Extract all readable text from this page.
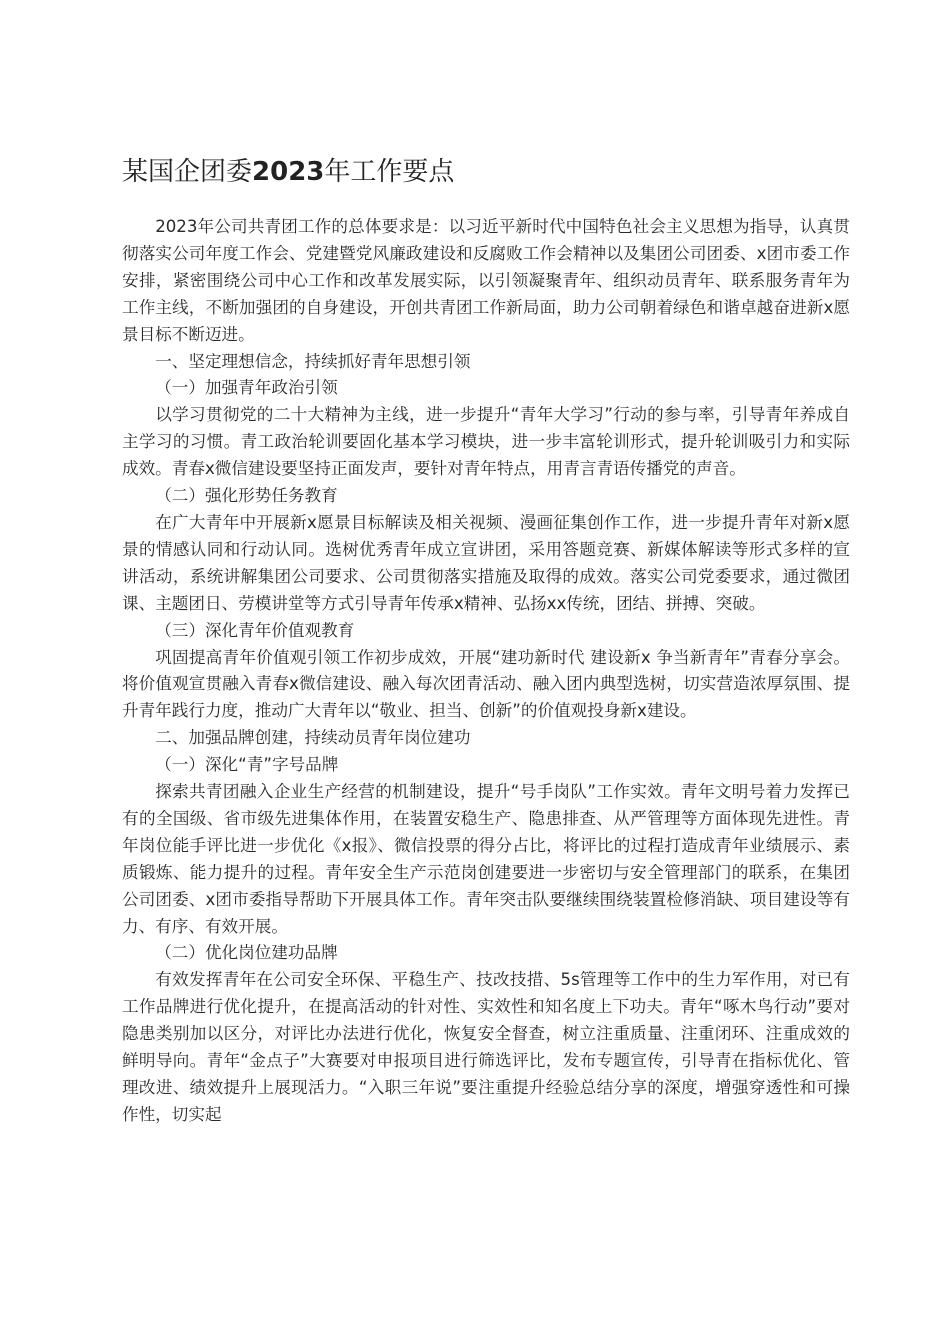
某国企团委2023年工作要点

2023年公司共青团工作的总体要求是：以习近平新时代中国特色社会主义思想为指导，认真贯彻落实公司年度工作会、党建暨党风廉政建设和反腐败工作会精神以及集团公司团委、x团市委工作安排，紧密围绕公司中心工作和改革发展实际，以引领凝聚青年、组织动员青年、联系服务青年为工作主线，不断加强团的自身建设，开创共青团工作新局面，助力公司朝着绿色和谐卓越奋进新x愿景目标不断迈进。

一、坚定理想信念，持续抓好青年思想引领

（一）加强青年政治引领

以学习贯彻党的二十大精神为主线，进一步提升“青年大学习”行动的参与率，引导青年养成自主学习的习惯。青工政治轮训要固化基本学习模块，进一步丰富轮训形式，提升轮训吸引力和实际成效。青春x微信建设要坚持正面发声，要针对青年特点，用青言青语传播党的声音。

（二）强化形势任务教育

在广大青年中开展新x愿景目标解读及相关视频、漫画征集创作工作，进一步提升青年对新x愿景的情感认同和行动认同。选树优秀青年成立宣讲团，采用答题竞赛、新媒体解读等形式多样的宣讲活动，系统讲解集团公司要求、公司贯彻落实措施及取得的成效。落实公司党委要求，通过微团课、主题团日、劳模讲堂等方式引导青年传承x精神、弘扬xx传统，团结、拼搏、突破。

（三）深化青年价值观教育

巩固提高青年价值观引领工作初步成效，开展“建功新时代 建设新x 争当新青年”青春分享会。将价值观宣贯融入青春x微信建设、融入每次团青活动、融入团内典型选树，切实营造浓厚氛围、提升青年践行力度，推动广大青年以“敬业、担当、创新”的价值观投身新x建设。

二、加强品牌创建，持续动员青年岗位建功

（一）深化“青”字号品牌

探索共青团融入企业生产经营的机制建设，提升“号手岗队”工作实效。青年文明号着力发挥已有的全国级、省市级先进集体作用，在装置安稳生产、隐患排查、从严管理等方面体现先进性。青年岗位能手评比进一步优化《x报》、微信投票的得分占比，将评比的过程打造成青年业绩展示、素质锻炼、能力提升的过程。青年安全生产示范岗创建要进一步密切与安全管理部门的联系，在集团公司团委、x团市委指导帮助下开展具体工作。青年突击队要继续围绕装置检修消缺、项目建设等有力、有序、有效开展。

（二）优化岗位建功品牌

有效发挥青年在公司安全环保、平稳生产、技改技措、5s管理等工作中的生力军作用，对已有工作品牌进行优化提升，在提高活动的针对性、实效性和知名度上下功夫。青年“啄木鸟行动”要对隐患类别加以区分，对评比办法进行优化，恢复安全督查，树立注重质量、注重闭环、注重成效的鲜明导向。青年“金点子”大赛要对申报项目进行筛选评比，发布专题宣传，引导青在指标优化、管理改进、绩效提升上展现活力。“入职三年说”要注重提升经验总结分享的深度，增强穿透性和可操作性，切实起
